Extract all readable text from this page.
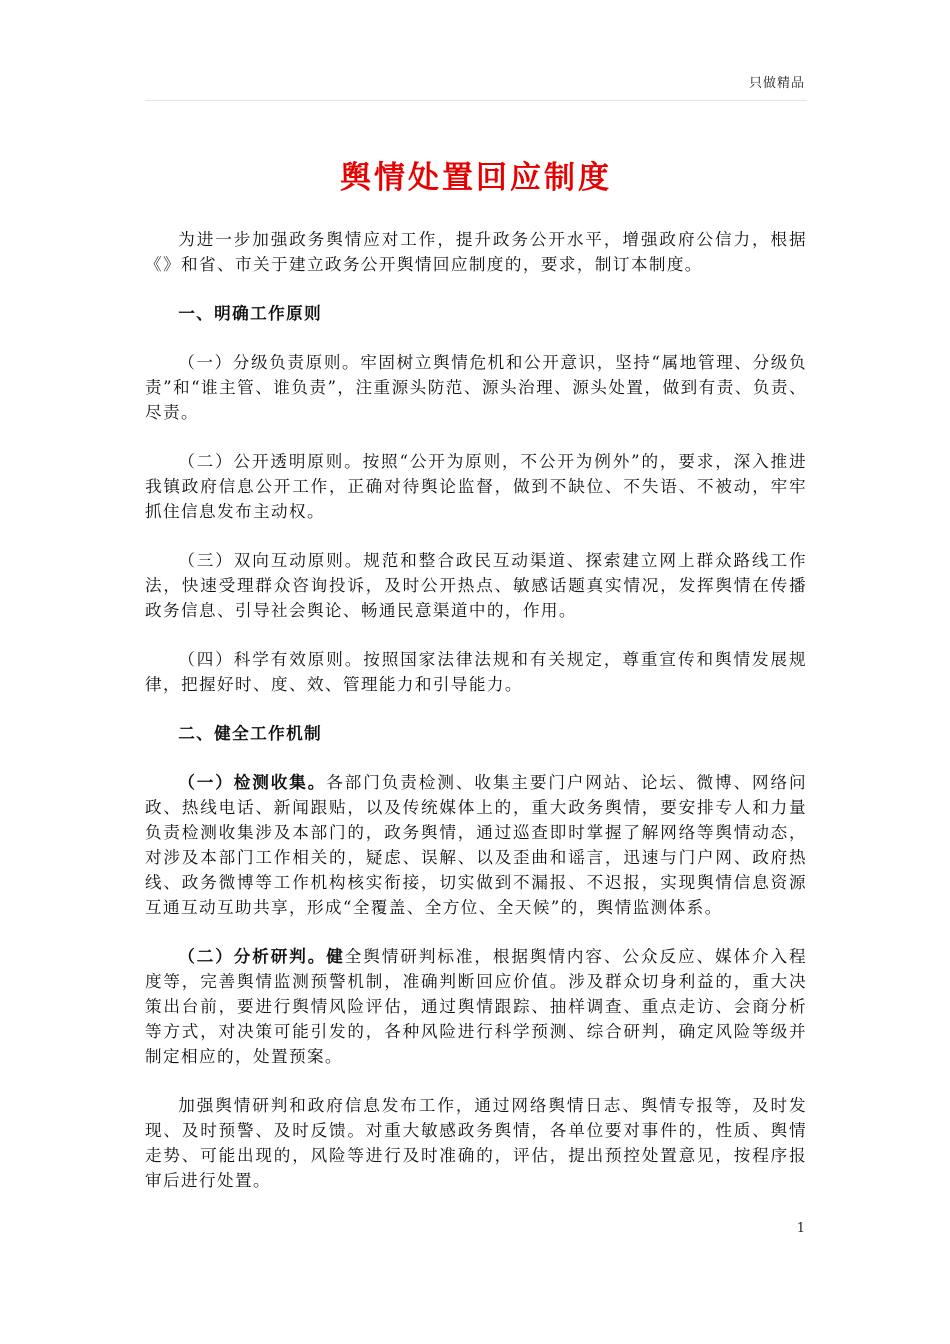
只做精品
舆情处置回应制度

为进一步加强政务舆情应对工作，提升政务公开水平，增强政府公信力，根据《》和省、市关于建立政务公开舆情回应制度的，要求，制订本制度。

一、明确工作原则

（一）分级负责原则。牢固树立舆情危机和公开意识，坚持“属地管理、分级负责”和“谁主管、谁负责”，注重源头防范、源头治理、源头处置，做到有责、负责、尽责。

（二）公开透明原则。按照“公开为原则，不公开为例外”的，要求，深入推进我镇政府信息公开工作，正确对待舆论监督，做到不缺位、不失语、不被动，牢牢抓住信息发布主动权。

（三）双向互动原则。规范和整合政民互动渠道、探索建立网上群众路线工作法，快速受理群众咨询投诉，及时公开热点、敏感话题真实情况，发挥舆情在传播政务信息、引导社会舆论、畅通民意渠道中的，作用。

（四）科学有效原则。按照国家法律法规和有关规定，尊重宣传和舆情发展规律，把握好时、度、效、管理能力和引导能力。

二、健全工作机制

（一）检测收集。各部门负责检测、收集主要门户网站、论坛、微博、网络问政、热线电话、新闻跟贴，以及传统媒体上的，重大政务舆情，要安排专人和力量负责检测收集涉及本部门的，政务舆情，通过巡查即时掌握了解网络等舆情动态，对涉及本部门工作相关的，疑虑、误解、以及歪曲和谣言，迅速与门户网、政府热线、政务微博等工作机构核实衔接，切实做到不漏报、不迟报，实现舆情信息资源互通互动互助共享，形成“全覆盖、全方位、全天候”的，舆情监测体系。

（二）分析研判。健全舆情研判标准，根据舆情内容、公众反应、媒体介入程度等，完善舆情监测预警机制，准确判断回应价值。涉及群众切身利益的，重大决策出台前，要进行舆情风险评估，通过舆情跟踪、抽样调查、重点走访、会商分析等方式，对决策可能引发的，各种风险进行科学预测、综合研判，确定风险等级并制定相应的，处置预案。

加强舆情研判和政府信息发布工作，通过网络舆情日志、舆情专报等，及时发现、及时预警、及时反馈。对重大敏感政务舆情，各单位要对事件的，性质、舆情走势、可能出现的，风险等进行及时准确的，评估，提出预控处置意见，按程序报审后进行处置。

1
